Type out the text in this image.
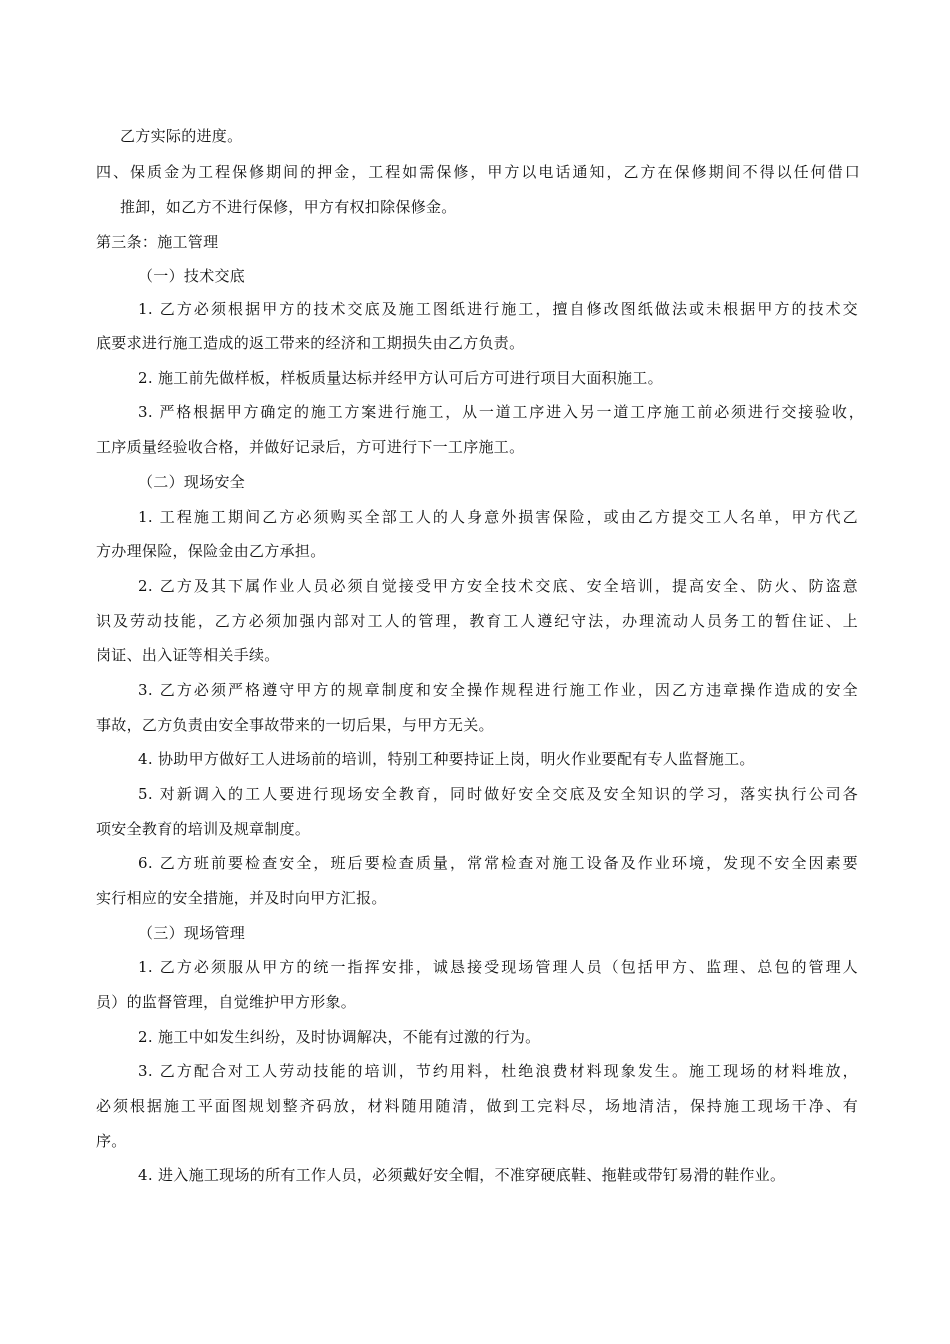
乙方实际的进度。
四、保质金为工程保修期间的押金，工程如需保修，甲方以电话通知，乙方在保修期间不得以任何借口
推卸，如乙方不进行保修，甲方有权扣除保修金。
第三条：施工管理
（一）技术交底
1. 乙方必须根据甲方的技术交底及施工图纸进行施工，擅自修改图纸做法或未根据甲方的技术交
底要求进行施工造成的返工带来的经济和工期损失由乙方负责。
2. 施工前先做样板，样板质量达标并经甲方认可后方可进行项目大面积施工。
3. 严格根据甲方确定的施工方案进行施工，从一道工序进入另一道工序施工前必须进行交接验收，
工序质量经验收合格，并做好记录后，方可进行下一工序施工。
（二）现场安全
1. 工程施工期间乙方必须购买全部工人的人身意外损害保险，或由乙方提交工人名单，甲方代乙
方办理保险，保险金由乙方承担。
2. 乙方及其下属作业人员必须自觉接受甲方安全技术交底、安全培训，提高安全、防火、防盗意
识及劳动技能，乙方必须加强内部对工人的管理，教育工人遵纪守法，办理流动人员务工的暂住证、上
岗证、出入证等相关手续。
3. 乙方必须严格遵守甲方的规章制度和安全操作规程进行施工作业，因乙方违章操作造成的安全
事故，乙方负责由安全事故带来的一切后果，与甲方无关。
4. 协助甲方做好工人进场前的培训，特别工种要持证上岗，明火作业要配有专人监督施工。
5. 对新调入的工人要进行现场安全教育，同时做好安全交底及安全知识的学习，落实执行公司各
项安全教育的培训及规章制度。
6. 乙方班前要检查安全，班后要检查质量，常常检查对施工设备及作业环境，发现不安全因素要
实行相应的安全措施，并及时向甲方汇报。
（三）现场管理
1. 乙方必须服从甲方的统一指挥安排，诚恳接受现场管理人员（包括甲方、监理、总包的管理人
员）的监督管理，自觉维护甲方形象。
2. 施工中如发生纠纷，及时协调解决，不能有过激的行为。
3. 乙方配合对工人劳动技能的培训，节约用料，杜绝浪费材料现象发生。施工现场的材料堆放，
必须根据施工平面图规划整齐码放，材料随用随清，做到工完料尽，场地清洁，保持施工现场干净、有
序。
4. 进入施工现场的所有工作人员，必须戴好安全帽，不准穿硬底鞋、拖鞋或带钉易滑的鞋作业。
